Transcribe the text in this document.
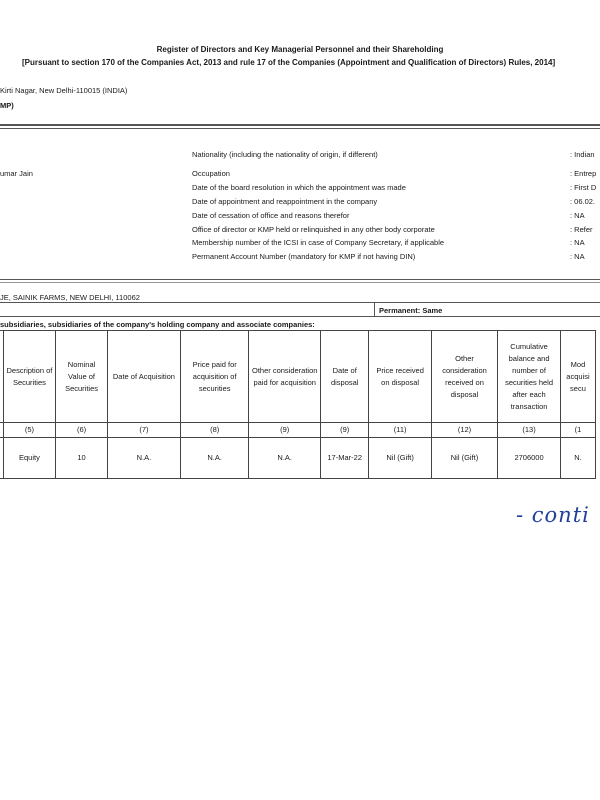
Register of Directors and Key Managerial Personnel and their Shareholding
[Pursuant to section 170 of the Companies Act, 2013 and rule 17 of the Companies (Appointment and Qualification of Directors) Rules, 2014]
Kirti Nagar, New Delhi-110015 (INDIA)
MP)
umar Jain
Nationality (including the nationality of origin, if different)	: Indian
Occupation	: Entrep
Date of the board resolution in which the appointment was made	: First D
Date of appointment and reappointment in the company	: 06.02.
Date of cessation of office and reasons therefor	: NA
Office of director or KMP held or relinquished in any other body corporate	: Refer
Membership number of the ICSI in case of Company Secretary, if applicable	: NA
Permanent Account Number (mandatory for KMP if not having DIN)	: NA
JE, SAINIK FARMS, NEW DELHI, 110062
Permanent: Same
subsidiaries, subsidiaries of the company's holding company and associate companies:
	Description of Securities	Nominal Value of Securities	Date of Acquisition	Price paid for acquisition of securities	Other consideration paid for acquisition	Date of disposal	Price received on disposal	Other consideration received on disposal	Cumulative balance and number of securities held after each transaction	Mod acquisi secu
	(5)	(6)	(7)	(8)	(9)	(9)	(11)	(12)	(13)	(1
	Equity	10	N.A.	N.A.	N.A.	17-Mar-22	Nil (Gift)	Nil (Gift)	2706000	N.
- conti
